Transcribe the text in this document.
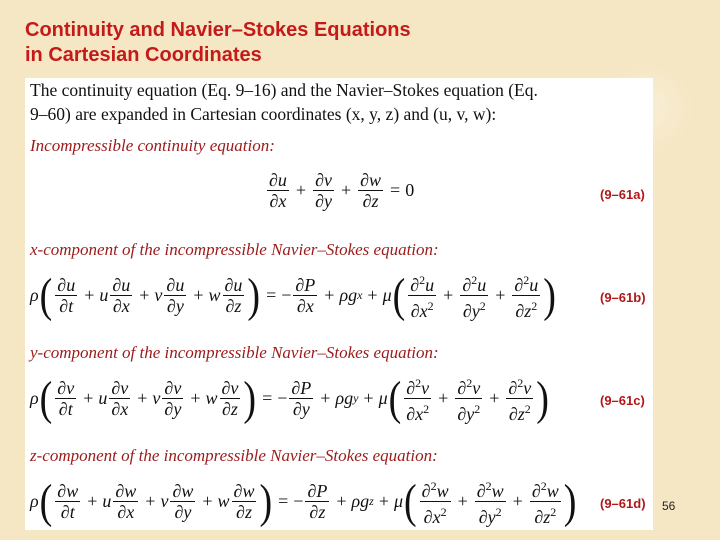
Continuity and Navier–Stokes Equations
in Cartesian Coordinates
The continuity equation (Eq. 9–16) and the Navier–Stokes equation (Eq.
9–60) are expanded in Cartesian coordinates (x, y, z) and (u, v, w):
Incompressible continuity equation:
$\frac{\partial u}{\partial x} + \frac{\partial v}{\partial y} + \frac{\partial w}{\partial z} = 0$	(9–61a)
x-component of the incompressible Navier–Stokes equation:
ρ ( $\frac{\partial u}{\partial t} + u \frac{\partial u}{\partial x} + v \frac{\partial u}{\partial y} + w \frac{\partial u}{\partial z}$ ) = − $\frac{\partial P}{\partial x} + \rho g$ x + μ ( $\frac{\partial^2u}{\partial x^2} + \frac{\partial^2u}{\partial y^2} + \frac{\partial^2u}{\partial z^2}$ )	(9–61b)
y-component of the incompressible Navier–Stokes equation:
ρ ( $\frac{\partial v}{\partial t} + u \frac{\partial v}{\partial x} + v \frac{\partial v}{\partial y} + w \frac{\partial v}{\partial z}$ ) = − $\frac{\partial P}{\partial y} + \rho g$ y + μ ( $\frac{\partial^2v}{\partial x^2} + \frac{\partial^2v}{\partial y^2} + \frac{\partial^2v}{\partial z^2}$ )	(9–61c)
z-component of the incompressible Navier–Stokes equation:
ρ ( $\frac{\partial w}{\partial t} + u \frac{\partial w}{\partial x} + v \frac{\partial w}{\partial y} + w \frac{\partial w}{\partial z}$ ) = − $\frac{\partial P}{\partial z} + \rho g$ z + μ ( $\frac{\partial^2w}{\partial x^2} + \frac{\partial^2w}{\partial y^2} + \frac{\partial^2w}{\partial z^2}$ ) (9–61d)	56
